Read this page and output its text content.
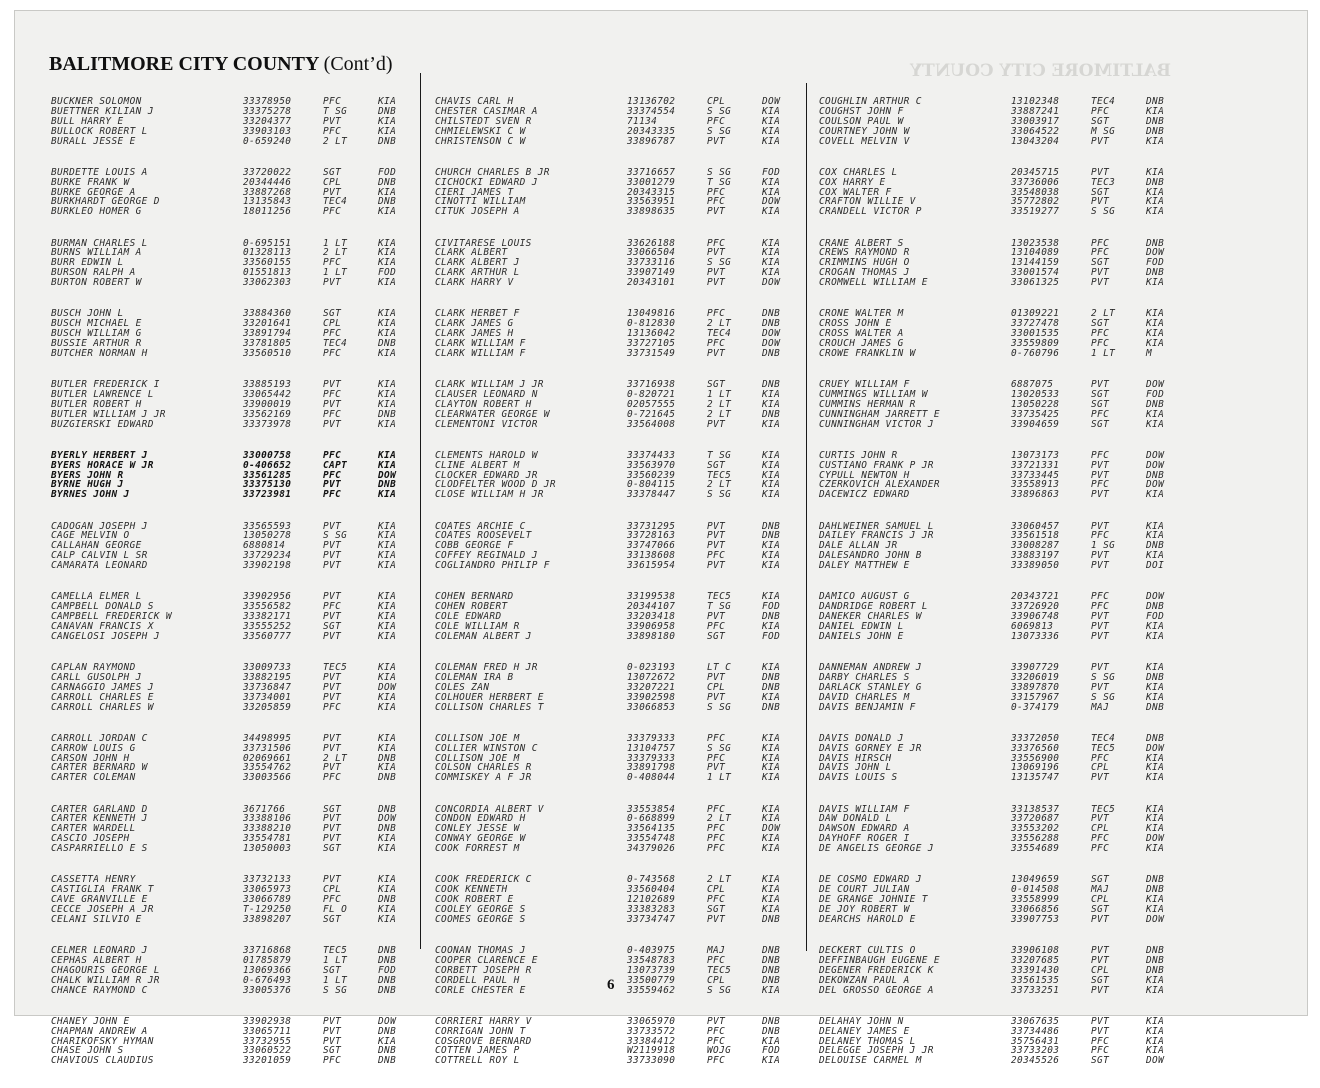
BALTIMORE CITY COUNTY
BALITMORE CITY COUNTY (Cont’d)
BUCKNER SOLOMON	33378950	PFC	KIA
BUETTNER KILIAN J	33375278	T SG	DNB
BULL HARRY E	33204377	PVT	KIA
BULLOCK ROBERT L	33903103	PFC	KIA
BURALL JESSE E	0-659240	2 LT	DNB
BURDETTE LOUIS A	33720022	SGT	FOD
BURKE FRANK W	20344446	CPL	DNB
BURKE GEORGE A	33887268	PVT	KIA
BURKHARDT GEORGE D	13135843	TEC4	DNB
BURKLEO HOMER G	18011256	PFC	KIA
BURMAN CHARLES L	0-695151	1 LT	KIA
BURNS WILLIAM A	01328113	2 LT	KIA
BURR EDWIN L	33560155	PFC	KIA
BURSON RALPH A	01551813	1 LT	FOD
BURTON ROBERT W	33062303	PVT	KIA
BUSCH JOHN L	33884360	SGT	KIA
BUSCH MICHAEL E	33201641	CPL	KIA
BUSCH WILLIAM G	33891794	PFC	KIA
BUSSIE ARTHUR R	33781805	TEC4	DNB
BUTCHER NORMAN H	33560510	PFC	KIA
BUTLER FREDERICK I	33885193	PVT	KIA
BUTLER LAWRENCE L	33065442	PFC	KIA
BUTLER ROBERT H	33900019	PVT	KIA
BUTLER WILLIAM J JR	33562169	PFC	DNB
BUZGIERSKI EDWARD	33373978	PVT	KIA
BYERLY HERBERT J	33000758	PFC	KIA
BYERS HORACE W JR	0-406652	CAPT	KIA
BYERS JOHN R	33561285	PFC	DOW
BYRNE HUGH J	33375130	PVT	DNB
BYRNES JOHN J	33723981	PFC	KIA
CADOGAN JOSEPH J	33565593	PVT	KIA
CAGE MELVIN O	13050278	S SG	KIA
CALLAHAN GEORGE	6880814	PVT	KIA
CALP CALVIN L SR	33729234	PVT	KIA
CAMARATA LEONARD	33902198	PVT	KIA
CAMELLA ELMER L	33902956	PVT	KIA
CAMPBELL DONALD S	33556582	PFC	KIA
CAMPBELL FREDERICK W	33382171	PVT	KIA
CANAVAN FRANCIS X	33555252	SGT	KIA
CANGELOSI JOSEPH J	33560777	PVT	KIA
CAPLAN RAYMOND	33009733	TEC5	KIA
CARLL GUSOLPH J	33882195	PVT	KIA
CARNAGGIO JAMES J	33736847	PVT	DOW
CARROLL CHARLES E	33734001	PVT	KIA
CARROLL CHARLES W	33205859	PFC	KIA
CARROLL JORDAN C	34498995	PVT	KIA
CARROW LOUIS G	33731506	PVT	KIA
CARSON JOHN H	02069661	2 LT	DNB
CARTER BERNARD W	33554762	PVT	KIA
CARTER COLEMAN	33003566	PFC	DNB
CARTER GARLAND D	3671766	SGT	DNB
CARTER KENNETH J	33388106	PVT	DOW
CARTER WARDELL	33388210	PVT	DNB
CASCIO JOSEPH	33554781	PVT	KIA
CASPARRIELLO E S	13050003	SGT	KIA
CASSETTA HENRY	33732133	PVT	KIA
CASTIGLIA FRANK T	33065973	CPL	KIA
CAVE GRANVILLE E	33066789	PFC	DNB
CECCE JOSEPH A JR	T-129250	FL O	KIA
CELANI SILVIO E	33898207	SGT	KIA
CELMER LEONARD J	33716868	TEC5	DNB
CEPHAS ALBERT H	01785879	1 LT	DNB
CHAGOURIS GEORGE L	13069366	SGT	FOD
CHALK WILLIAM R JR	0-676493	1 LT	DNB
CHANCE RAYMOND C	33005376	S SG	DNB
CHANEY JOHN E	33902938	PVT	DOW
CHAPMAN ANDREW A	33065711	PVT	DNB
CHARIKOFSKY HYMAN	33732955	PVT	KIA
CHASE JOHN S	33060522	SGT	DNB
CHAVIOUS CLAUDIUS	33201059	PFC	DNB
CHAVIS CARL H	13136702	CPL	DOW
CHESTER CASIMAR A	33374554	S SG	KIA
CHILSTEDT SVEN R	71134	PFC	KIA
CHMIELEWSKI C W	20343335	S SG	KIA
CHRISTENSON C W	33896787	PVT	KIA
CHURCH CHARLES B JR	33716657	S SG	FOD
CICHOCKI EDWARD J	33001279	T SG	KIA
CIERI JAMES T	20343315	PFC	KIA
CINOTTI WILLIAM	33563951	PFC	DOW
CITUK JOSEPH A	33898635	PVT	KIA
CIVITARESE LOUIS	33626188	PFC	KIA
CLARK ALBERT	33066504	PVT	KIA
CLARK ALBERT J	33733116	S SG	KIA
CLARK ARTHUR L	33907149	PVT	KIA
CLARK HARRY V	20343101	PVT	DOW
CLARK HERBET F	13049816	PFC	DNB
CLARK JAMES G	0-812830	2 LT	DNB
CLARK JAMES H	13136042	TEC4	DOW
CLARK WILLIAM F	33727105	PFC	DOW
CLARK WILLIAM F	33731549	PVT	DNB
CLARK WILLIAM J JR	33716938	SGT	DNB
CLAUSER LEONARD N	0-820721	1 LT	KIA
CLAYTON ROBERT H	02057555	2 LT	KIA
CLEARWATER GEORGE W	0-721645	2 LT	DNB
CLEMENTONI VICTOR	33564008	PVT	KIA
CLEMENTS HAROLD W	33374433	T SG	KIA
CLINE ALBERT M	33563970	SGT	KIA
CLOCKER EDWARD JR	33560239	TEC5	KIA
CLODFELTER WOOD D JR	0-804115	2 LT	KIA
CLOSE WILLIAM H JR	33378447	S SG	KIA
COATES ARCHIE C	33731295	PVT	DNB
COATES ROOSEVELT	33728163	PVT	DNB
COBB GEORGE F	33747066	PVT	KIA
COFFEY REGINALD J	33138608	PFC	KIA
COGLIANDRO PHILIP F	33615954	PVT	KIA
COHEN BERNARD	33199538	TEC5	KIA
COHEN ROBERT	20344107	T SG	FOD
COLE EDWARD	33203418	PVT	DNB
COLE WILLIAM R	33906958	PFC	KIA
COLEMAN ALBERT J	33898180	SGT	FOD
COLEMAN FRED H JR	0-023193	LT C	KIA
COLEMAN IRA B	13072672	PVT	DNB
COLES ZAN	33207221	CPL	DNB
COLHOUER HERBERT E	33902598	PVT	KIA
COLLISON CHARLES T	33066853	S SG	DNB
COLLISON JOE M	33379333	PFC	KIA
COLLIER WINSTON C	13104757	S SG	KIA
COLLISON JOE M	33379333	PFC	KIA
COLSON CHARLES R	33891798	PVT	KIA
COMMISKEY A F JR	0-408044	1 LT	KIA
CONCORDIA ALBERT V	33553854	PFC	KIA
CONDON EDWARD H	0-668899	2 LT	KIA
CONLEY JESSE W	33564135	PFC	DOW
CONWAY GEORGE W	33554748	PFC	KIA
COOK FORREST M	34379026	PFC	KIA
COOK FREDERICK C	0-743568	2 LT	KIA
COOK KENNETH	33560404	CPL	KIA
COOK ROBERT E	12102689	PFC	KIA
COOLEY GEORGE S	33383283	SGT	KIA
COOMES GEORGE S	33734747	PVT	DNB
COONAN THOMAS J	0-403975	MAJ	DNB
COOPER CLARENCE E	33548783	PFC	DNB
CORBETT JOSEPH R	13073739	TEC5	DNB
CORDELL PAUL H	33500779	CPL	DNB
CORLE CHESTER E	33559462	S SG	KIA
CORRIERI HARRY V	33065970	PVT	DNB
CORRIGAN JOHN T	33733572	PFC	DNB
COSGROVE BERNARD	33384412	PFC	KIA
COTTEN JAMES P	W2119918	WOJG	FOD
COTTRELL ROY L	33733090	PFC	KIA
COUGHLIN ARTHUR C	13102348	TEC4	DNB
COUGHST JOHN F	33887241	PFC	KIA
COULSON PAUL W	33003917	SGT	DNB
COURTNEY JOHN W	33064522	M SG	DNB
COVELL MELVIN V	13043204	PVT	KIA
COX CHARLES L	20345715	PVT	KIA
COX HARRY E	33736006	TEC3	DNB
COX WALTER F	33548038	SGT	KIA
CRAFTON WILLIE V	35772802	PVT	KIA
CRANDELL VICTOR P	33519277	S SG	KIA
CRANE ALBERT S	13023538	PFC	DNB
CREWS RAYMOND R	13104089	PFC	DOW
CRIMMINS HUGH O	13144159	SGT	FOD
CROGAN THOMAS J	33001574	PVT	DNB
CROMWELL WILLIAM E	33061325	PVT	KIA
CRONE WALTER M	01309221	2 LT	KIA
CROSS JOHN E	33727478	SGT	KIA
CROSS WALTER A	33001535	PFC	KIA
CROUCH JAMES G	33559809	PFC	KIA
CROWE FRANKLIN W	0-760796	1 LT	M
CRUEY WILLIAM F	6887075	PVT	DOW
CUMMINGS WILLIAM W	13020533	SGT	FOD
CUMMINS HERMAN R	13050228	SGT	DNB
CUNNINGHAM JARRETT E	33735425	PFC	KIA
CUNNINGHAM VICTOR J	33904659	SGT	KIA
CURTIS JOHN R	13073173	PFC	DOW
CUSTIANO FRANK P JR	33721331	PVT	DOW
CYPULL NEWTON H	33733445	PVT	DNB
CZERKOVICH ALEXANDER	33558913	PFC	DOW
DACEWICZ EDWARD	33896863	PVT	KIA
DAHLWEINER SAMUEL L	33060457	PVT	KIA
DAILEY FRANCIS J JR	33561518	PFC	KIA
DALE ALLAN JR	33008287	1 SG	DNB
DALESANDRO JOHN B	33883197	PVT	KIA
DALEY MATTHEW E	33389050	PVT	DOI
DAMICO AUGUST G	20343721	PFC	DOW
DANDRIDGE ROBERT L	33726920	PFC	DNB
DANEKER CHARLES W	33906748	PVT	FOD
DANIEL EDWIN L	6069813	PVT	KIA
DANIELS JOHN E	13073336	PVT	KIA
DANNEMAN ANDREW J	33907729	PVT	KIA
DARBY CHARLES S	33206019	S SG	DNB
DARLACK STANLEY G	33897870	PVT	KIA
DAVID CHARLES M	33157967	S SG	KIA
DAVIS BENJAMIN F	0-374179	MAJ	DNB
DAVIS DONALD J	33372050	TEC4	DNB
DAVIS GORNEY E JR	33376560	TEC5	DOW
DAVIS HIRSCH	33556900	PFC	KIA
DAVIS JOHN L	13069196	CPL	KIA
DAVIS LOUIS S	13135747	PVT	KIA
DAVIS WILLIAM F	33138537	TEC5	KIA
DAW DONALD L	33720687	PVT	KIA
DAWSON EDWARD A	33553202	CPL	KIA
DAYHOFF ROGER I	33556288	PFC	DOW
DE ANGELIS GEORGE J	33554689	PFC	KIA
DE COSMO EDWARD J	13049659	SGT	DNB
DE COURT JULIAN	0-014508	MAJ	DNB
DE GRANGE JOHNIE T	33558999	CPL	KIA
DE JOY ROBERT W	33066856	SGT	KIA
DEARCHS HAROLD E	33907753	PVT	DOW
DECKERT CULTIS O	33906108	PVT	DNB
DEFFINBAUGH EUGENE E	33207685	PVT	DNB
DEGENER FREDERICK K	33391430	CPL	DNB
DEKOWZAN PAUL A	33561535	SGT	KIA
DEL GROSSO GEORGE A	33733251	PVT	KIA
DELAHAY JOHN N	33067635	PVT	KIA
DELANEY JAMES E	33734486	PVT	KIA
DELANEY THOMAS L	35756431	PFC	KIA
DELEGGE JOSEPH J JR	33733203	PFC	KIA
DELOUISE CARMEL M	20345526	SGT	DOW
6
